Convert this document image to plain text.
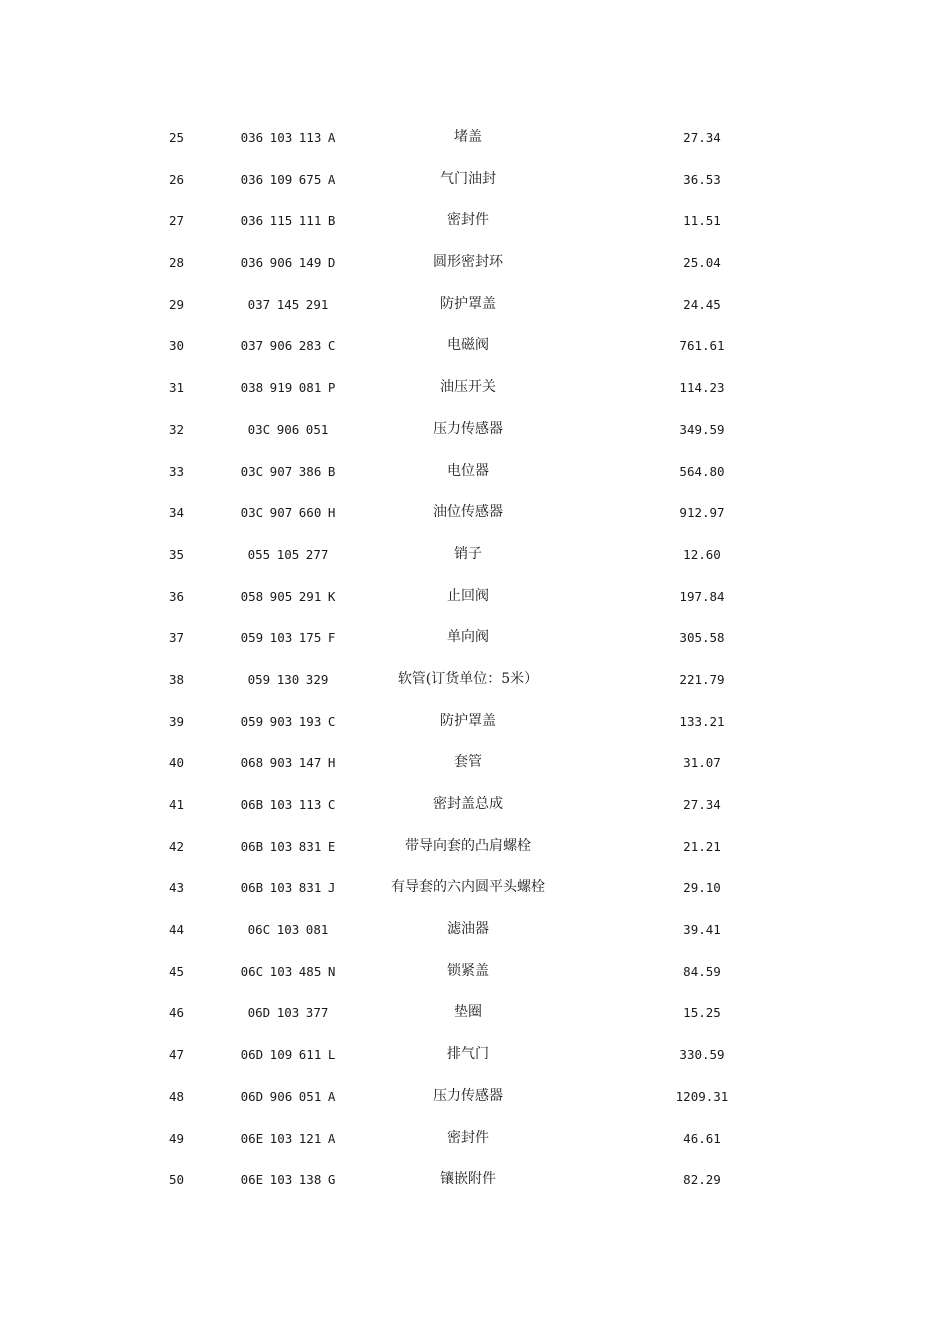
25	036 103 113 A	堵盖	27.34
26	036 109 675 A	气门油封	36.53
27	036 115 111 B	密封件	11.51
28	036 906 149 D	圆形密封环	25.04
29	037 145 291	防护罩盖	24.45
30	037 906 283 C	电磁阀	761.61
31	038 919 081 P	油压开关	114.23
32	03C 906 051	压力传感器	349.59
33	03C 907 386 B	电位器	564.80
34	03C 907 660 H	油位传感器	912.97
35	055 105 277	销子	12.60
36	058 905 291 K	止回阀	197.84
37	059 103 175 F	单向阀	305.58
38	059 130 329	软管(订货单位：5米）	221.79
39	059 903 193 C	防护罩盖	133.21
40	068 903 147 H	套管	31.07
41	06B 103 113 C	密封盖总成	27.34
42	06B 103 831 E	带导向套的凸肩螺栓	21.21
43	06B 103 831 J	有导套的六内圆平头螺栓	29.10
44	06C 103 081	滤油器	39.41
45	06C 103 485 N	锁紧盖	84.59
46	06D 103 377	垫圈	15.25
47	06D 109 611 L	排气门	330.59
48	06D 906 051 A	压力传感器	1209.31
49	06E 103 121 A	密封件	46.61
50	06E 103 138 G	镶嵌附件	82.29
